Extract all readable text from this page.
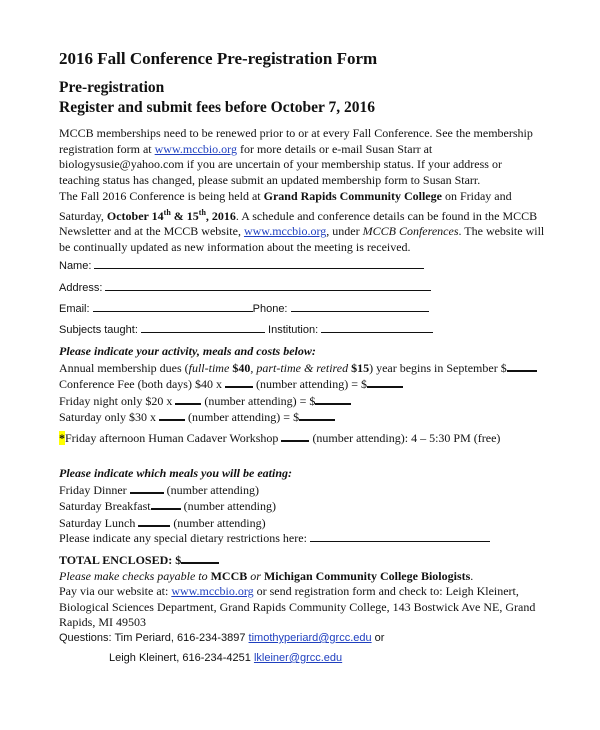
2016 Fall Conference Pre-registration Form
Pre-registration
Register and submit fees before October 7, 2016
MCCB memberships need to be renewed prior to or at every Fall Conference. See the membership
registration form at www.mccbio.org for more details or e-mail Susan Starr at
biologysusie@yahoo.com if you are uncertain of your membership status. If your address or
teaching status has changed, please submit an updated membership form to Susan Starr.
The Fall 2016 Conference is being held at Grand Rapids Community College on Friday and
Saturday, October 14th & 15th, 2016. A schedule and conference details can be found in the MCCB
Newsletter and at the MCCB website, www.mccbio.org, under MCCB Conferences. The website will
be continually updated as new information about the meeting is received.
Name:
Address:
Email:	Phone:
Subjects taught:	Institution:
Please indicate your activity, meals and costs below:
Annual membership dues (full-time $40, part-time & retired $15) year begins in September $
Conference Fee (both days) $40 x  (number attending) = $
Friday night only $20 x  (number attending) = $
Saturday only $30 x  (number attending) = $
*Friday afternoon Human Cadaver Workshop  (number attending): 4 – 5:30 PM (free)
Please indicate which meals you will be eating:
Friday Dinner	(number attending)
Saturday Breakfast	(number attending)
Saturday Lunch	(number attending)
Please indicate any special dietary restrictions here:
TOTAL ENCLOSED: $
Please make checks payable to MCCB or Michigan Community College Biologists.
Pay via our website at: www.mccbio.org or send registration form and check to: Leigh Kleinert,
Biological Sciences Department, Grand Rapids Community College, 143 Bostwick Ave NE, Grand
Rapids, MI 49503
Questions: Tim Periard, 616-234-3897 timothyperiard@grcc.edu or
Leigh Kleinert, 616-234-4251 lkleiner@grcc.edu
